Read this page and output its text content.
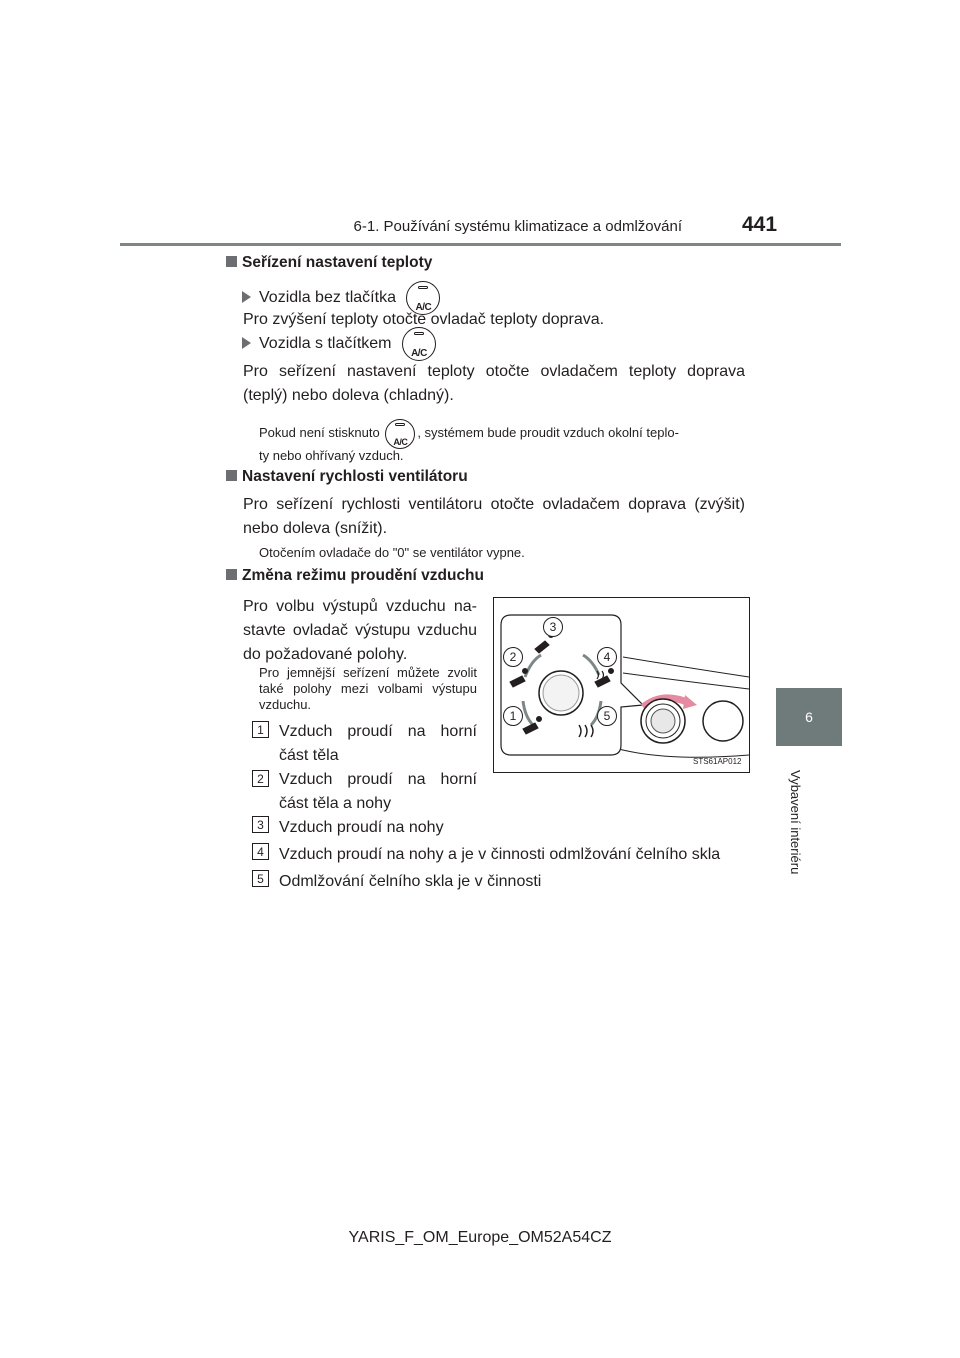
6-1. Používání systému klimatizace a odmlžování	441
6
Vybavení interiéru
Seřízení nastavení teploty
Vozidla bez tlačítka
A/C
Pro zvýšení teploty otočte ovladač teploty doprava.
Vozidla s tlačítkem
A/C
Pro seřízení nastavení teploty otočte ovladačem teploty doprava (teplý) nebo doleva (chladný).
Pokud není stisknuto
A/C
, systémem bude proudit vzduch okolní teplo-
ty nebo ohřívaný vzduch.
Nastavení rychlosti ventilátoru
Pro seřízení rychlosti ventilátoru otočte ovladačem doprava (zvýšit) nebo doleva (snížit).
Otočením ovladače do "0" se ventilátor vypne.
Změna režimu proudění vzduchu
Pro volbu výstupů vzduchu na- stavte ovladač výstupu vzduchu do požadované polohy.
Pro jemnější seřízení můžete zvolit také polohy mezi volbami výstupu vzduchu.
1 Vzduch proudí na horní část těla
2 Vzduch proudí na horní část těla a nohy
3 Vzduch proudí na nohy
4 Vzduch proudí na nohy a je v činnosti odmlžování čelního skla
5 Odmlžování čelního skla je v činnosti
3
2	4
1	5
STS61AP012
YARIS_F_OM_Europe_OM52A54CZ
